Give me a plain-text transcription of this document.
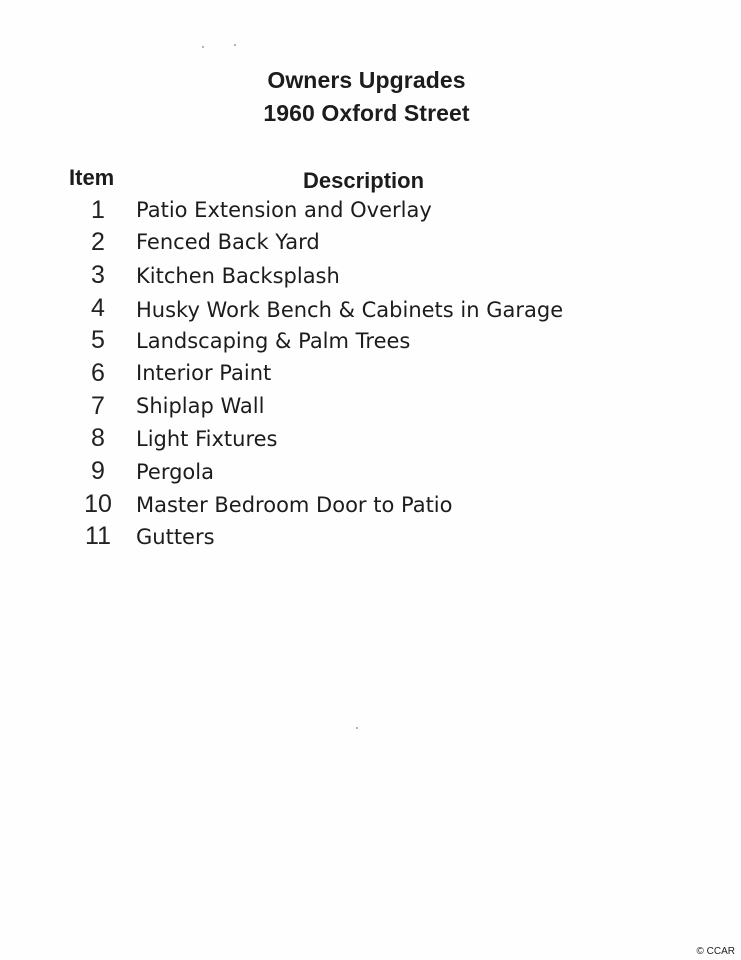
Owners Upgrades
1960 Oxford Street
Item	Description
1	Patio Extension and Overlay
2	Fenced Back Yard
3	Kitchen Backsplash
4	Husky Work Bench & Cabinets in Garage
5	Landscaping & Palm Trees
6	Interior Paint
7	Shiplap Wall
8	Light Fixtures
9	Pergola
10	Master Bedroom Door to Patio
11	Gutters
© CCAR
